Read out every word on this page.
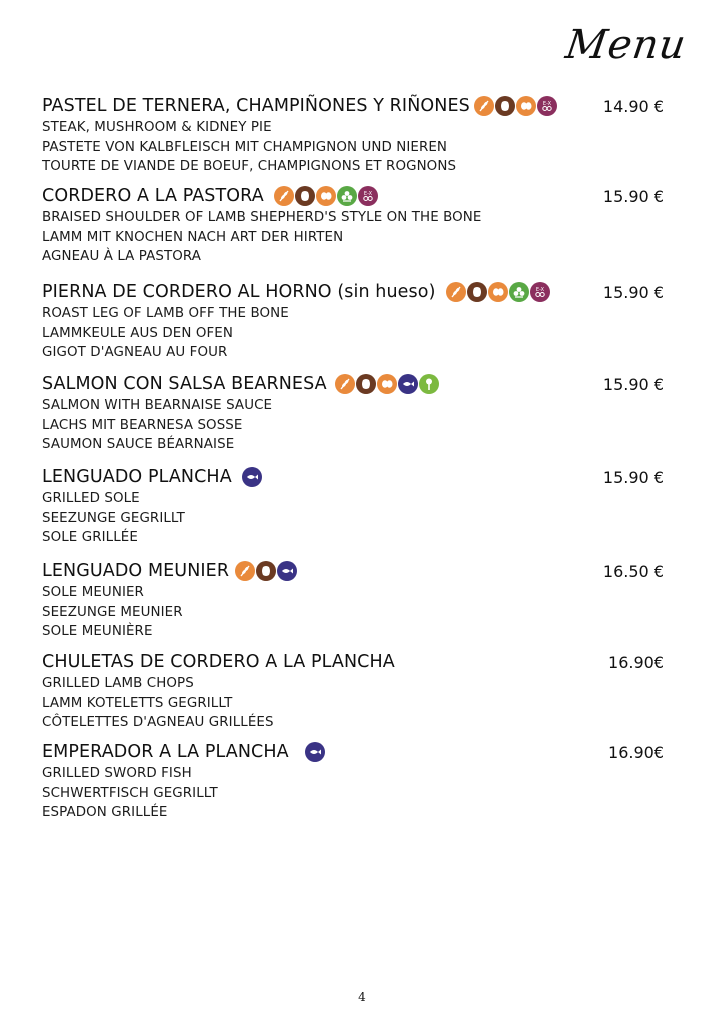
Menu
PASTEL DE TERNERA, CHAMPIÑONES Y RIÑONES	E-X	14.90 €
STEAK, MUSHROOM & KIDNEY PIE
PASTETE VON KALBFLEISCH MIT CHAMPIGNON UND NIEREN
TOURTE DE VIANDE DE BOEUF, CHAMPIGNONS ET ROGNONS
CORDERO A LA PASTORA	E-X	15.90 €
BRAISED SHOULDER OF LAMB SHEPHERD'S STYLE ON THE BONE
LAMM MIT KNOCHEN NACH ART DER HIRTEN
AGNEAU À LA PASTORA
PIERNA DE CORDERO AL HORNO (sin hueso)	E-X	15.90 €
ROAST LEG OF LAMB OFF THE BONE
LAMMKEULE AUS DEN OFEN
GIGOT D'AGNEAU AU FOUR
SALMON CON SALSA BEARNESA	15.90 €
SALMON WITH BEARNAISE SAUCE
LACHS MIT BEARNESA SOSSE
SAUMON SAUCE BÉARNAISE
LENGUADO PLANCHA	15.90 €
GRILLED SOLE
SEEZUNGE GEGRILLT
SOLE GRILLÉE
LENGUADO MEUNIER	16.50 €
SOLE MEUNIER
SEEZUNGE MEUNIER
SOLE MEUNIÈRE
CHULETAS DE CORDERO A LA PLANCHA	16.90€
GRILLED LAMB CHOPS
LAMM KOTELETTS GEGRILLT
CÔTELETTES D'AGNEAU GRILLÉES
EMPERADOR A LA PLANCHA	16.90€
GRILLED SWORD FISH
SCHWERTFISCH GEGRILLT
ESPADON GRILLÉE
4
